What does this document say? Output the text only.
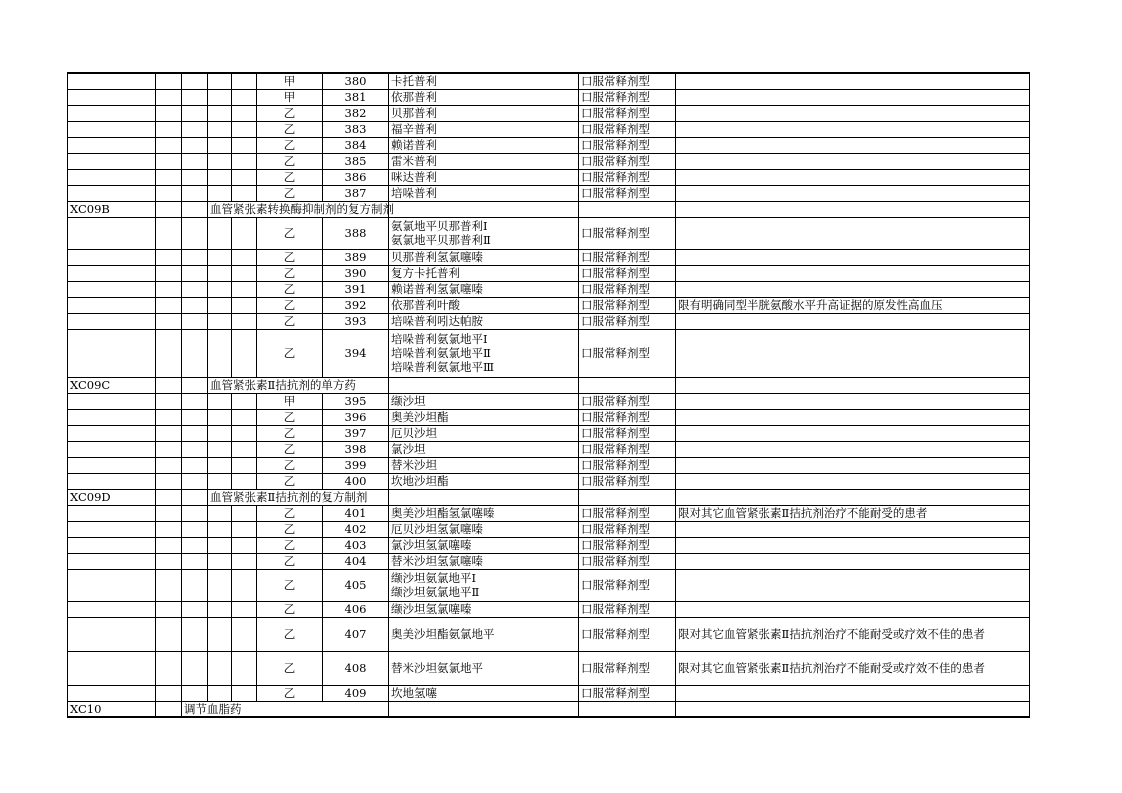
					甲	380	卡托普利	口服常释剂型		
					甲	381	依那普利	口服常释剂型		
					乙	382	贝那普利	口服常释剂型		
					乙	383	福辛普利	口服常释剂型		
					乙	384	赖诺普利	口服常释剂型		
					乙	385	雷米普利	口服常释剂型		
					乙	386	咪达普利	口服常释剂型		
					乙	387	培哚普利	口服常释剂型		
XC09B			血管紧张素转换酶抑制剂的复方制剂							
					乙	388	氨氯地平贝那普利Ⅰ
氨氯地平贝那普利Ⅱ	口服常释剂型		
					乙	389	贝那普利氢氯噻嗪	口服常释剂型		
					乙	390	复方卡托普利	口服常释剂型		
					乙	391	赖诺普利氢氯噻嗪	口服常释剂型		
					乙	392	依那普利叶酸	口服常释剂型	限有明确同型半胱氨酸水平升高证据的原发性高血压	
					乙	393	培哚普利吲达帕胺	口服常释剂型		
					乙	394	培哚普利氨氯地平Ⅰ
培哚普利氨氯地平Ⅱ
培哚普利氨氯地平Ⅲ	口服常释剂型		
XC09C			血管紧张素Ⅱ拮抗剂的单方药							
					甲	395	缬沙坦	口服常释剂型		
					乙	396	奥美沙坦酯	口服常释剂型		
					乙	397	厄贝沙坦	口服常释剂型		
					乙	398	氯沙坦	口服常释剂型		
					乙	399	替米沙坦	口服常释剂型		
					乙	400	坎地沙坦酯	口服常释剂型		
XC09D			血管紧张素Ⅱ拮抗剂的复方制剂							
					乙	401	奥美沙坦酯氢氯噻嗪	口服常释剂型	限对其它血管紧张素Ⅱ拮抗剂治疗不能耐受的患者	
					乙	402	厄贝沙坦氢氯噻嗪	口服常释剂型		
					乙	403	氯沙坦氢氯噻嗪	口服常释剂型		
					乙	404	替米沙坦氢氯噻嗪	口服常释剂型		
					乙	405	缬沙坦氨氯地平Ⅰ
缬沙坦氨氯地平Ⅱ	口服常释剂型		
					乙	406	缬沙坦氢氯噻嗪	口服常释剂型		
					乙	407	奥美沙坦酯氨氯地平	口服常释剂型	限对其它血管紧张素Ⅱ拮抗剂治疗不能耐受或疗效不佳的患者	
					乙	408	替米沙坦氨氯地平	口服常释剂型	限对其它血管紧张素Ⅱ拮抗剂治疗不能耐受或疗效不佳的患者	
					乙	409	坎地氢噻	口服常释剂型		
XC10		调节血脂药								
